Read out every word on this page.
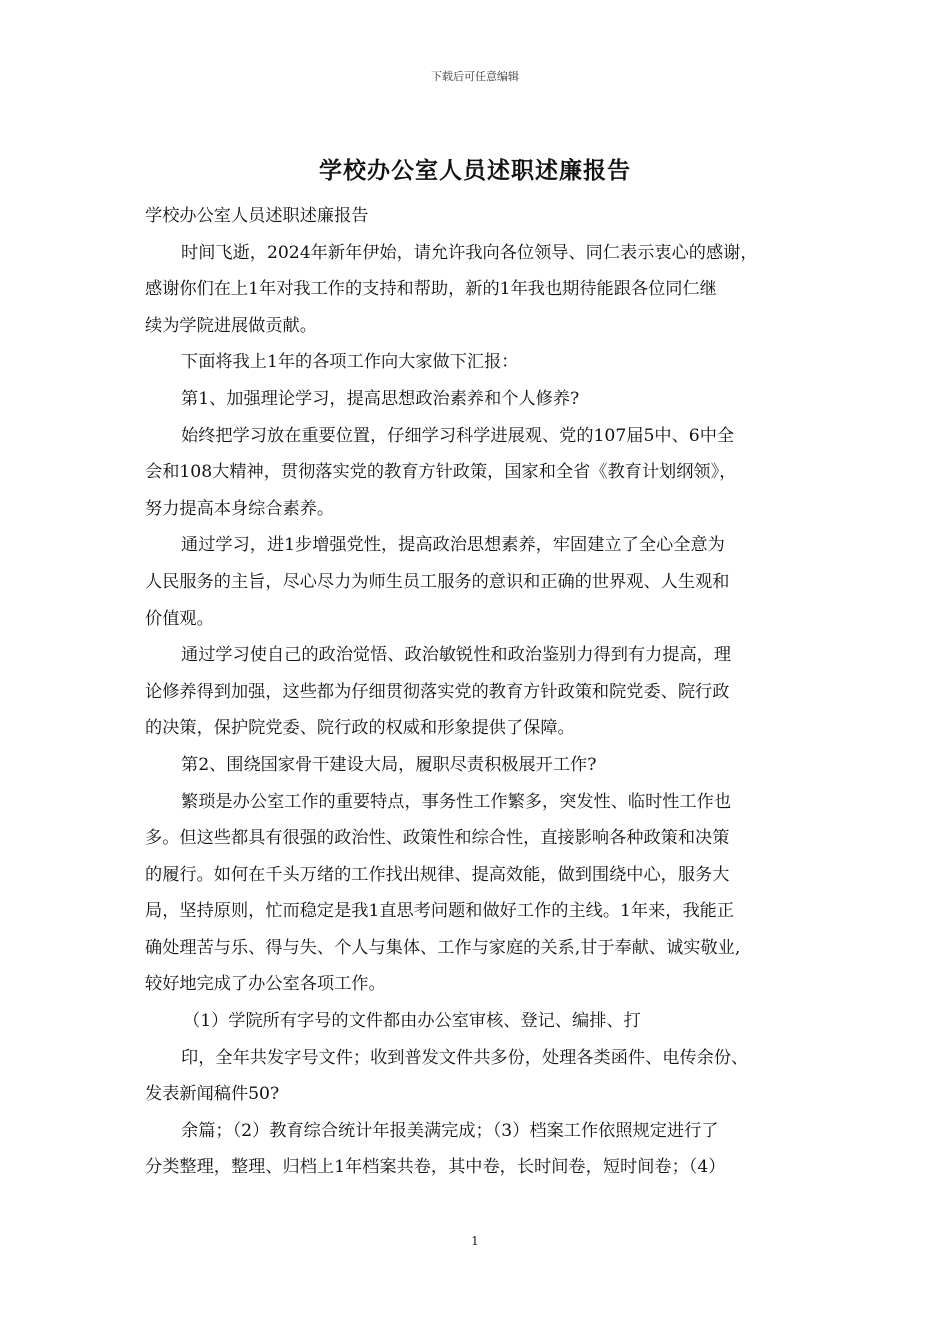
下载后可任意编辑
学校办公室人员述职述廉报告

学校办公室人员述职述廉报告

时间飞逝，2024年新年伊始，请允许我向各位领导、同仁表示衷心的感谢，

感谢你们在上1年对我工作的支持和帮助，新的1年我也期待能跟各位同仁继

续为学院进展做贡献。

下面将我上1年的各项工作向大家做下汇报：

第1、加强理论学习，提高思想政治素养和个人修养?

始终把学习放在重要位置，仔细学习科学进展观、党的107届5中、6中全

会和108大精神，贯彻落实党的教育方针政策，国家和全省《教育计划纲领》，

努力提高本身综合素养。

通过学习，进1步增强党性，提高政治思想素养，牢固建立了全心全意为

人民服务的主旨，尽心尽力为师生员工服务的意识和正确的世界观、人生观和

价值观。

通过学习使自己的政治觉悟、政治敏锐性和政治鉴别力得到有力提高，理

论修养得到加强，这些都为仔细贯彻落实党的教育方针政策和院党委、院行政

的决策，保护院党委、院行政的权威和形象提供了保障。

第2、围绕国家骨干建设大局，履职尽责积极展开工作?

繁琐是办公室工作的重要特点，事务性工作繁多，突发性、临时性工作也

多。但这些都具有很强的政治性、政策性和综合性，直接影响各种政策和决策

的履行。如何在千头万绪的工作找出规律、提高效能，做到围绕中心，服务大

局，坚持原则，忙而稳定是我1直思考问题和做好工作的主线。1年来，我能正

确处理苦与乐、得与失、个人与集体、工作与家庭的关系,甘于奉献、诚实敬业,

较好地完成了办公室各项工作。

（1）学院所有字号的文件都由办公室审核、登记、编排、打

印，全年共发字号文件；收到普发文件共多份，处理各类函件、电传余份、

发表新闻稿件50?

余篇；（2）教育综合统计年报美满完成；（3）档案工作依照规定进行了

分类整理，整理、归档上1年档案共卷，其中卷，长时间卷，短时间卷；（4）

1
